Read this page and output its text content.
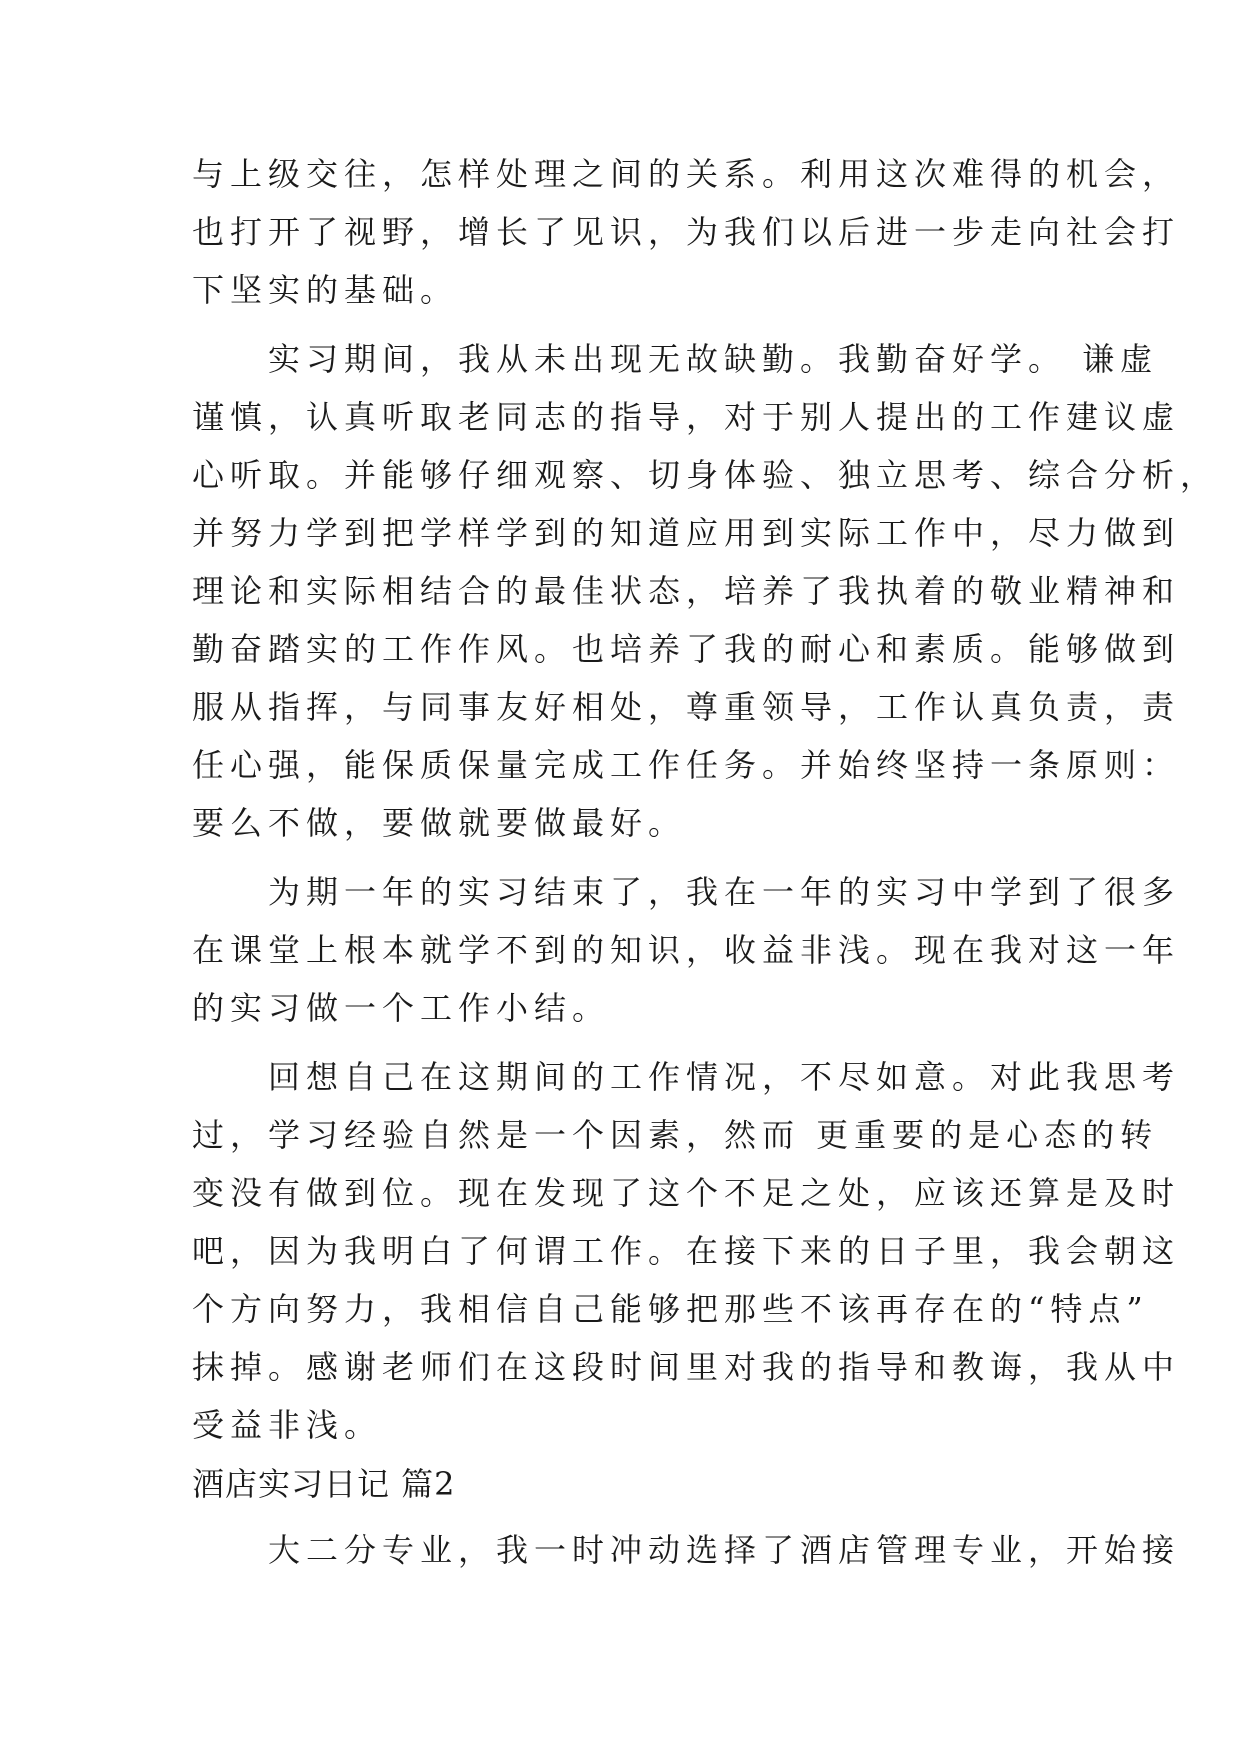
与上级交往，怎样处理之间的关系。利用这次难得的机会，
也打开了视野，增长了见识，为我们以后进一步走向社会打
下坚实的基础。
　　实习期间，我从未出现无故缺勤。我勤奋好学。 谦虚
谨慎，认真听取老同志的指导，对于别人提出的工作建议虚
心听取。并能够仔细观察、切身体验、独立思考、综合分析，
并努力学到把学样学到的知道应用到实际工作中，尽力做到
理论和实际相结合的最佳状态，培养了我执着的敬业精神和
勤奋踏实的工作作风。也培养了我的耐心和素质。能够做到
服从指挥，与同事友好相处，尊重领导，工作认真负责，责
任心强，能保质保量完成工作任务。并始终坚持一条原则：
要么不做，要做就要做最好。
　　为期一年的实习结束了，我在一年的实习中学到了很多
在课堂上根本就学不到的知识，收益非浅。现在我对这一年
的实习做一个工作小结。
　　回想自己在这期间的工作情况，不尽如意。对此我思考
过，学习经验自然是一个因素，然而 更重要的是心态的转
变没有做到位。现在发现了这个不足之处，应该还算是及时
吧，因为我明白了何谓工作。在接下来的日子里，我会朝这
个方向努力，我相信自己能够把那些不该再存在的“特点”
抹掉。感谢老师们在这段时间里对我的指导和教诲，我从中
受益非浅。
酒店实习日记 篇2
　　大二分专业，我一时冲动选择了酒店管理专业，开始接
